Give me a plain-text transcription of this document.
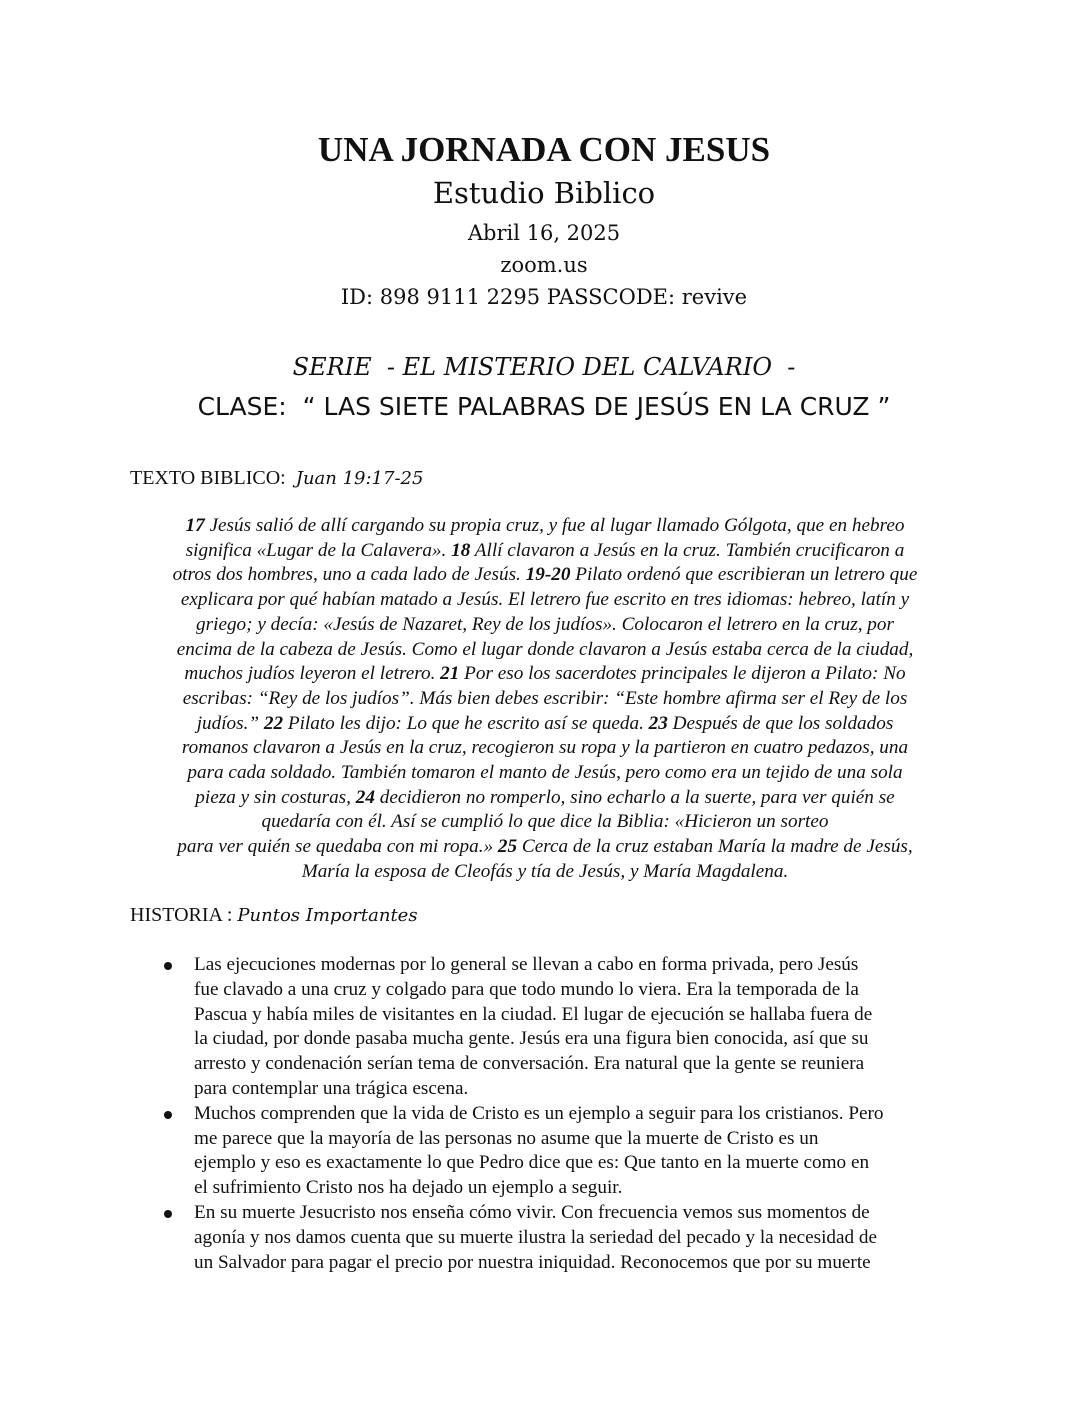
UNA JORNADA CON JESUS
Estudio Biblico
Abril 16, 2025
zoom.us
ID: 898 9111 2295 PASSCODE: revive
SERIE  - EL MISTERIO DEL CALVARIO  -
CLASE:  “ LAS SIETE PALABRAS DE JESÚS EN LA CRUZ ”
TEXTO BIBLICO: Juan 19:17-25
17 Jesús salió de allí cargando su propia cruz, y fue al lugar llamado Gólgota, que en hebreo
significa «Lugar de la Calavera». 18 Allí clavaron a Jesús en la cruz. También crucificaron a
otros dos hombres, uno a cada lado de Jesús. 19-20 Pilato ordenó que escribieran un letrero que
explicara por qué habían matado a Jesús. El letrero fue escrito en tres idiomas: hebreo, latín y
griego; y decía: «Jesús de Nazaret, Rey de los judíos». Colocaron el letrero en la cruz, por
encima de la cabeza de Jesús. Como el lugar donde clavaron a Jesús estaba cerca de la ciudad,
muchos judíos leyeron el letrero. 21 Por eso los sacerdotes principales le dijeron a Pilato: No
escribas: “Rey de los judíos”. Más bien debes escribir: “Este hombre afirma ser el Rey de los
judíos.” 22 Pilato les dijo: Lo que he escrito así se queda. 23 Después de que los soldados
romanos clavaron a Jesús en la cruz, recogieron su ropa y la partieron en cuatro pedazos, una
para cada soldado. También tomaron el manto de Jesús, pero como era un tejido de una sola
pieza y sin costuras, 24 decidieron no romperlo, sino echarlo a la suerte, para ver quién se
quedaría con él. Así se cumplió lo que dice la Biblia: «Hicieron un sorteo
para ver quién se quedaba con mi ropa.» 25 Cerca de la cruz estaban María la madre de Jesús,
María la esposa de Cleofás y tía de Jesús, y María Magdalena.
HISTORIA : Puntos Importantes
Las ejecuciones modernas por lo general se llevan a cabo en forma privada, pero Jesús
fue clavado a una cruz y colgado para que todo mundo lo viera. Era la temporada de la
Pascua y había miles de visitantes en la ciudad. El lugar de ejecución se hallaba fuera de
la ciudad, por donde pasaba mucha gente. Jesús era una figura bien conocida, así que su
arresto y condenación serían tema de conversación. Era natural que la gente se reuniera
para contemplar una trágica escena.
Muchos comprenden que la vida de Cristo es un ejemplo a seguir para los cristianos. Pero
me parece que la mayoría de las personas no asume que la muerte de Cristo es un
ejemplo y eso es exactamente lo que Pedro dice que es: Que tanto en la muerte como en
el sufrimiento Cristo nos ha dejado un ejemplo a seguir.
En su muerte Jesucristo nos enseña cómo vivir. Con frecuencia vemos sus momentos de
agonía y nos damos cuenta que su muerte ilustra la seriedad del pecado y la necesidad de
un Salvador para pagar el precio por nuestra iniquidad. Reconocemos que por su muerte
